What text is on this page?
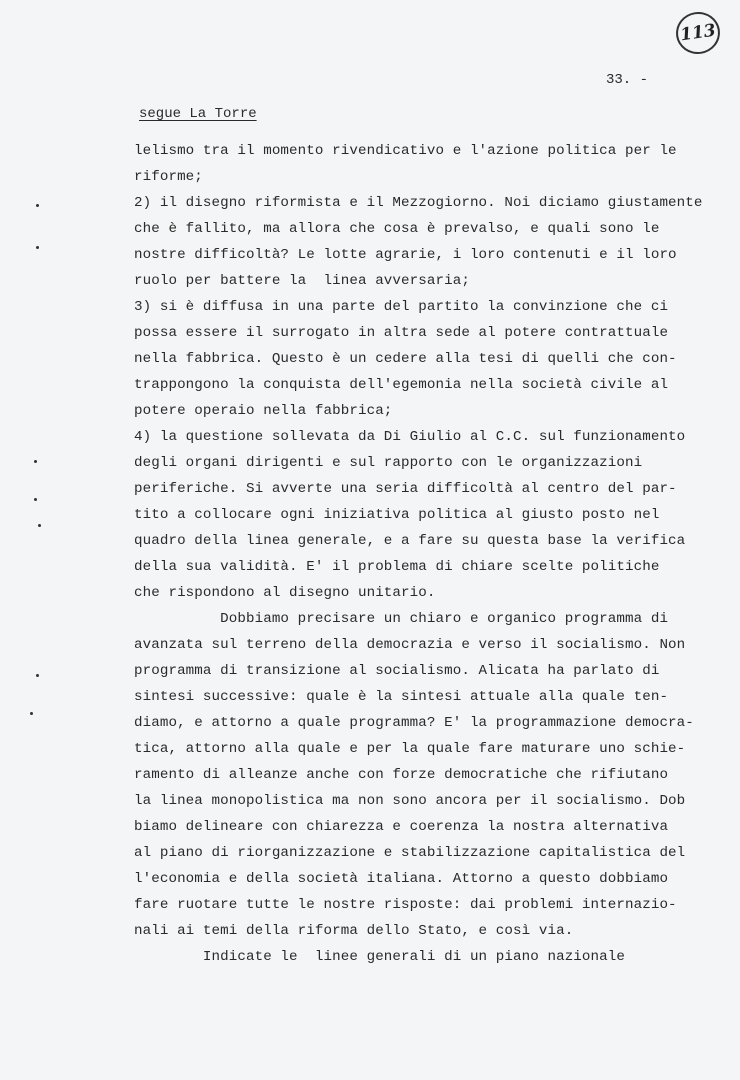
113
33. -
segue La Torre
lelismo tra il momento rivendicativo e l'azione politica per le
riforme;
2) il disegno riformista e il Mezzogiorno. Noi diciamo giustamente
che è fallito, ma allora che cosa è prevalso, e quali sono le
nostre difficoltà? Le lotte agrarie, i loro contenuti e il loro
ruolo per battere la  linea avversaria;
3) si è diffusa in una parte del partito la convinzione che ci
possa essere il surrogato in altra sede al potere contrattuale
nella fabbrica. Questo è un cedere alla tesi di quelli che con-
trappongono la conquista dell'egemonia nella società civile al
potere operaio nella fabbrica;
4) la questione sollevata da Di Giulio al C.C. sul funzionamento
degli organi dirigenti e sul rapporto con le organizzazioni
periferiche. Si avverte una seria difficoltà al centro del par-
tito a collocare ogni iniziativa politica al giusto posto nel
quadro della linea generale, e a fare su questa base la verifica
della sua validità. E' il problema di chiare scelte politiche
che rispondono al disegno unitario.
Dobbiamo precisare un chiaro e organico programma di
avanzata sul terreno della democrazia e verso il socialismo. Non
programma di transizione al socialismo. Alicata ha parlato di
sintesi successive: quale è la sintesi attuale alla quale ten-
diamo, e attorno a quale programma? E' la programmazione democra-
tica, attorno alla quale e per la quale fare maturare uno schie-
ramento di alleanze anche con forze democratiche che rifiutano
la linea monopolistica ma non sono ancora per il socialismo. Dob
biamo delineare con chiarezza e coerenza la nostra alternativa
al piano di riorganizzazione e stabilizzazione capitalistica del
l'economia e della società italiana. Attorno a questo dobbiamo
fare ruotare tutte le nostre risposte: dai problemi internazio-
nali ai temi della riforma dello Stato, e così via.
Indicate le  linee generali di un piano nazionale
